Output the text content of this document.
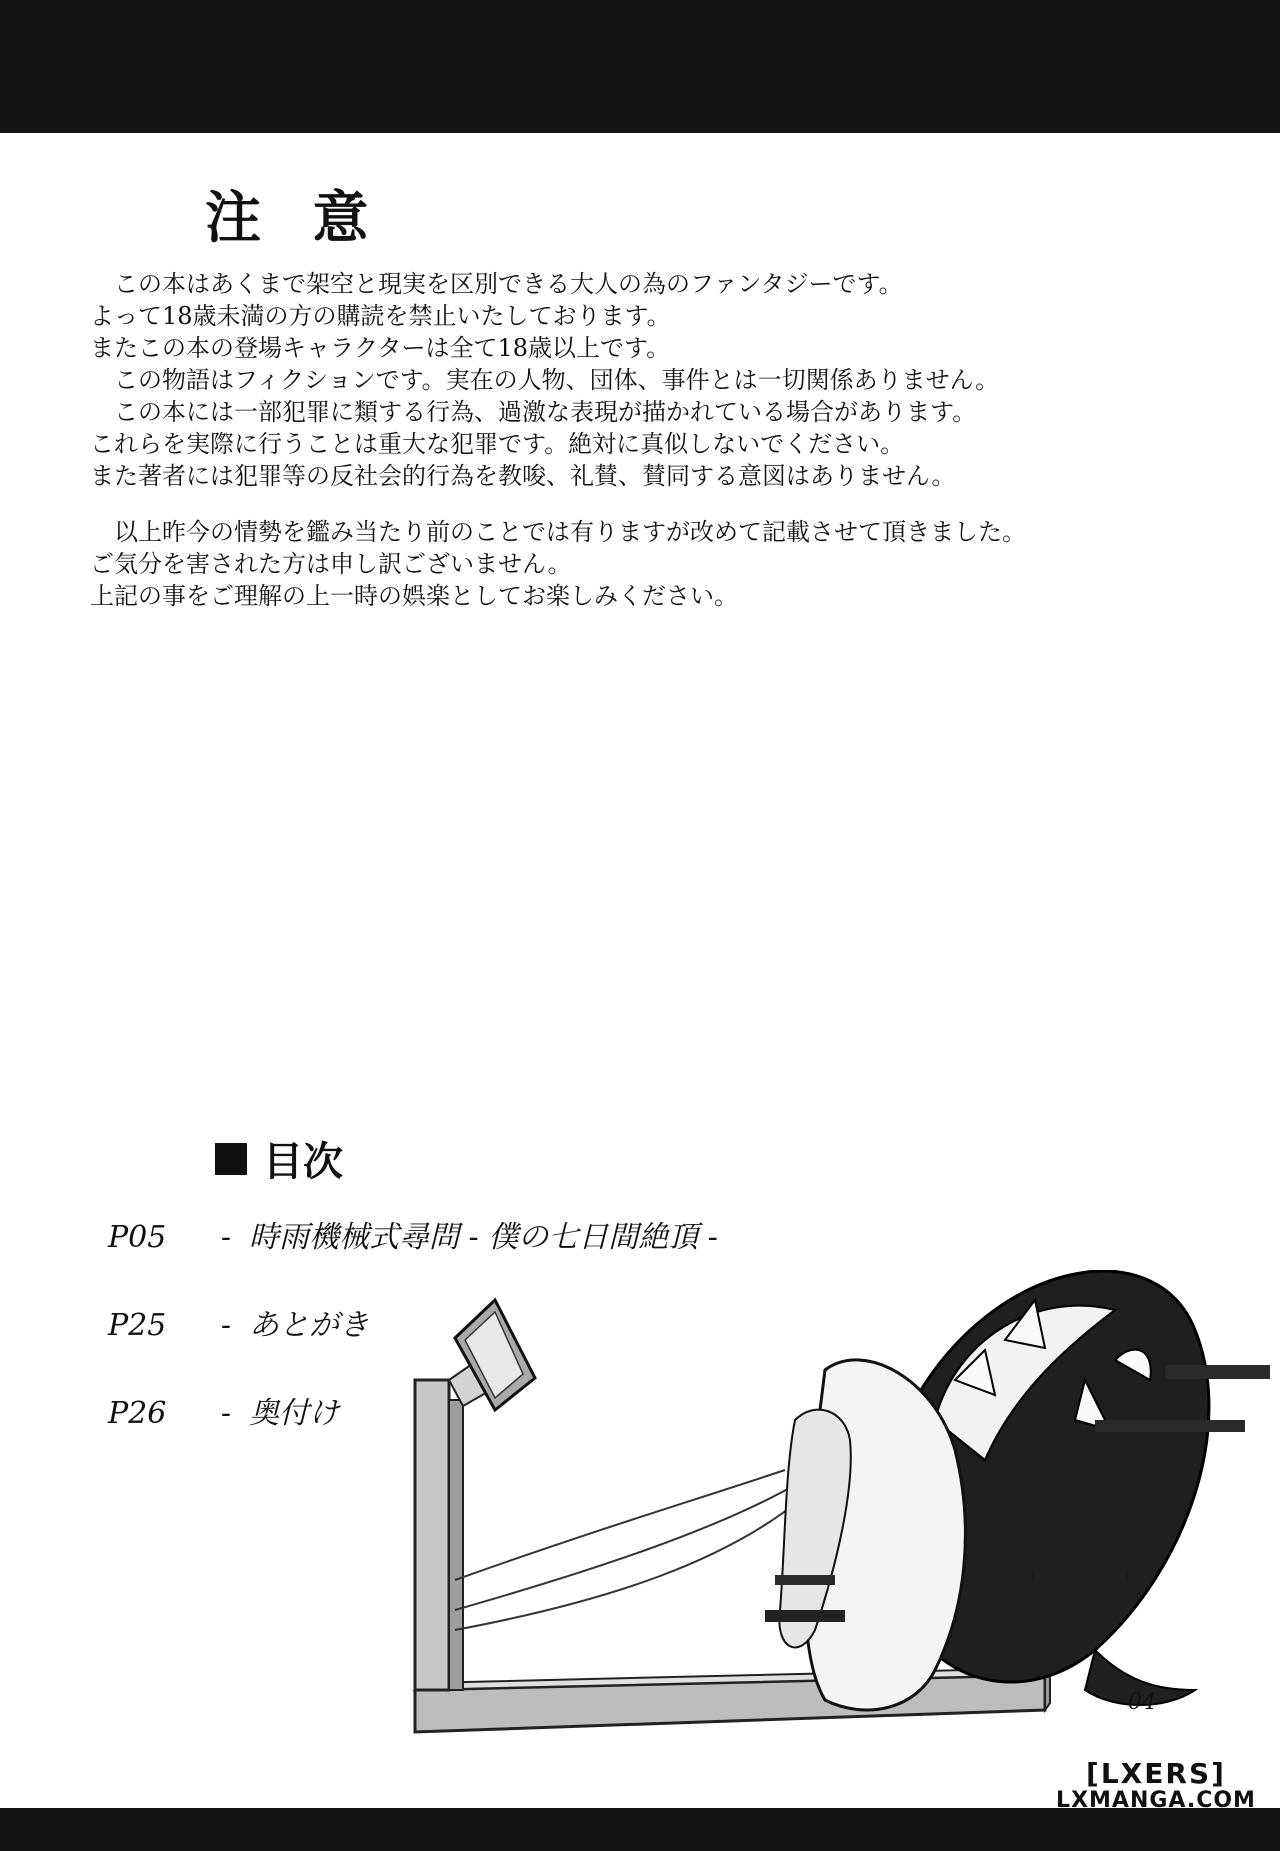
注 意
　この本はあくまで架空と現実を区別できる大人の為のファンタジーです。
よって18歳未満の方の購読を禁止いたしております。
またこの本の登場キャラクターは全て18歳以上です。
　この物語はフィクションです。実在の人物、団体、事件とは一切関係ありません。
　この本には一部犯罪に類する行為、過激な表現が描かれている場合があります。
これらを実際に行うことは重大な犯罪です。絶対に真似しないでください。
また著者には犯罪等の反社会的行為を教唆、礼賛、賛同する意図はありません。
　以上昨今の情勢を鑑み当たり前のことでは有りますが改めて記載させて頂きました。
ご気分を害された方は申し訳ございません。
上記の事をご理解の上一時の娯楽としてお楽しみください。
目次
P05	- 時雨機械式尋問 - 僕の七日間絶頂 -
P25	- あとがき
P26	- 奥付け
04
[LXERS]
LXMANGA.COM
